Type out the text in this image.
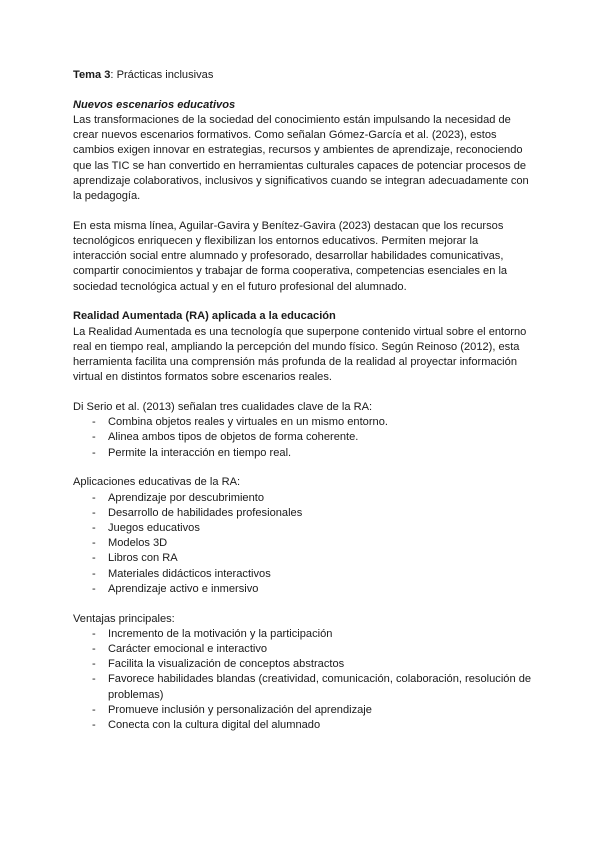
Tema 3: Prácticas inclusivas

Nuevos escenarios educativos

Las transformaciones de la sociedad del conocimiento están impulsando la necesidad de crear nuevos escenarios formativos. Como señalan Gómez-García et al. (2023), estos cambios exigen innovar en estrategias, recursos y ambientes de aprendizaje, reconociendo que las TIC se han convertido en herramientas culturales capaces de potenciar procesos de aprendizaje colaborativos, inclusivos y significativos cuando se integran adecuadamente con la pedagogía.

En esta misma línea, Aguilar-Gavira y Benítez-Gavira (2023) destacan que los recursos tecnológicos enriquecen y flexibilizan los entornos educativos. Permiten mejorar la interacción social entre alumnado y profesorado, desarrollar habilidades comunicativas, compartir conocimientos y trabajar de forma cooperativa, competencias esenciales en la sociedad tecnológica actual y en el futuro profesional del alumnado.

Realidad Aumentada (RA) aplicada a la educación

La Realidad Aumentada es una tecnología que superpone contenido virtual sobre el entorno real en tiempo real, ampliando la percepción del mundo físico. Según Reinoso (2012), esta herramienta facilita una comprensión más profunda de la realidad al proyectar información virtual en distintos formatos sobre escenarios reales.

Di Serio et al. (2013) señalan tres cualidades clave de la RA:

- Combina objetos reales y virtuales en un mismo entorno.
- Alinea ambos tipos de objetos de forma coherente.
- Permite la interacción en tiempo real.

Aplicaciones educativas de la RA:

- Aprendizaje por descubrimiento
- Desarrollo de habilidades profesionales
- Juegos educativos
- Modelos 3D
- Libros con RA
- Materiales didácticos interactivos
- Aprendizaje activo e inmersivo

Ventajas principales:

- Incremento de la motivación y la participación
- Carácter emocional e interactivo
- Facilita la visualización de conceptos abstractos
- Favorece habilidades blandas (creatividad, comunicación, colaboración, resolución de problemas)
- Promueve inclusión y personalización del aprendizaje
- Conecta con la cultura digital del alumnado
